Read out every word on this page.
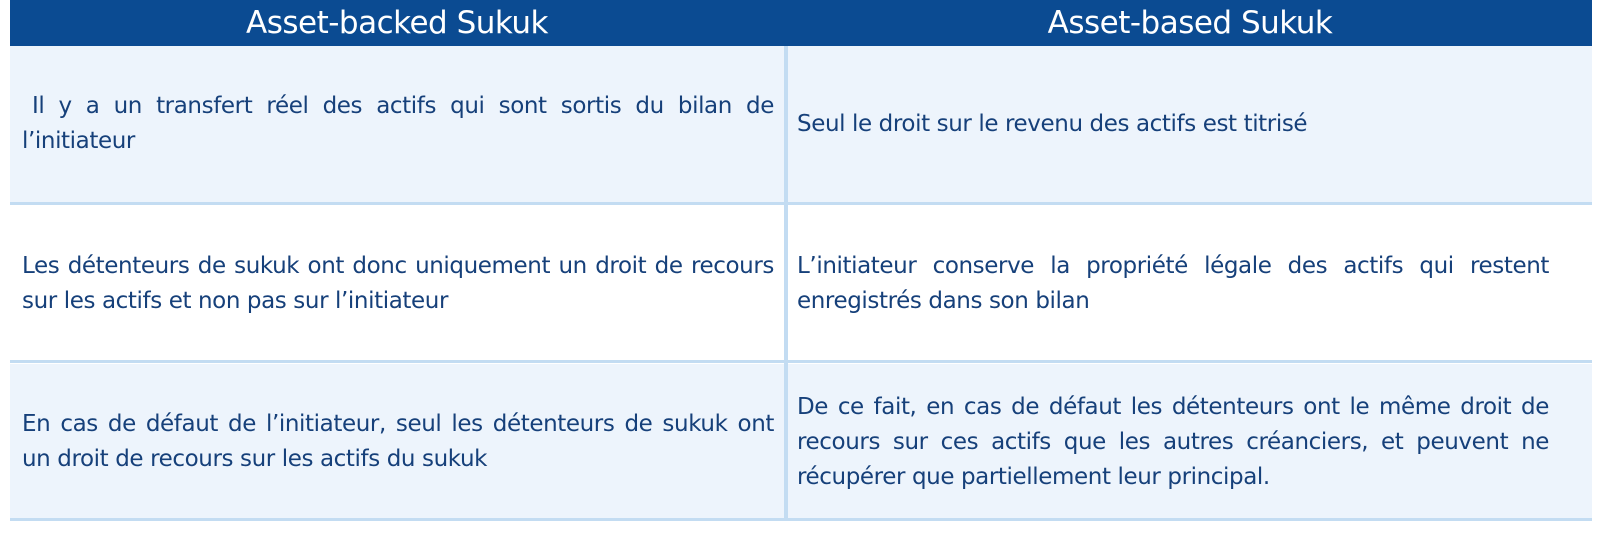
Asset-backed Sukuk	Asset-based Sukuk
Il y a un transfert réel des actifs qui sont sortis du bilan de l’initiateur
Seul le droit sur le revenu des actifs est titrisé
Les détenteurs de sukuk ont donc uniquement un droit de recours sur les actifs et non pas sur l’initiateur
L’initiateur conserve la propriété légale des actifs qui restent enregistrés dans son bilan
En cas de défaut de l’initiateur, seul les détenteurs de sukuk ont un droit de recours sur les actifs du sukuk
De ce fait, en cas de défaut les détenteurs ont le même droit de recours sur ces actifs que les autres créanciers, et peuvent ne récupérer que partiellement leur principal.
